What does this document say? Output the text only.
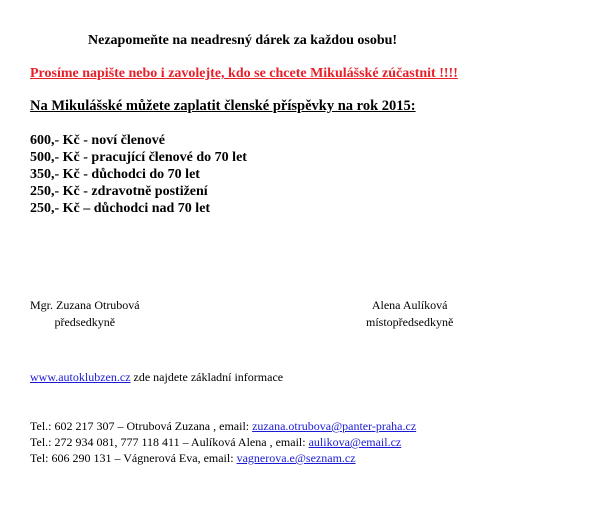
Nezapomeňte na neadresný dárek za každou osobu!
Prosíme napište nebo i zavolejte, kdo se chcete Mikulášské zúčastnit !!!!
Na Mikulášské můžete zaplatit členské příspěvky na rok 2015:
600,- Kč - noví členové
500,- Kč - pracující členové do 70 let
350,- Kč - důchodci do 70 let
250,- Kč - zdravotně postižení
250,- Kč – důchodci nad 70 let
Mgr. Zuzana Otrubová
předsedkyně
Alena Aulíková
místopředsedkyně
www.autoklubzen.cz zde najdete základní informace
Tel.: 602 217 307 – Otrubová Zuzana , email: zuzana.otrubova@panter-praha.cz
Tel.: 272 934 081, 777 118 411 – Aulíková Alena , email: aulikova@email.cz
Tel: 606 290 131 – Vágnerová Eva, email: vagnerova.e@seznam.cz
